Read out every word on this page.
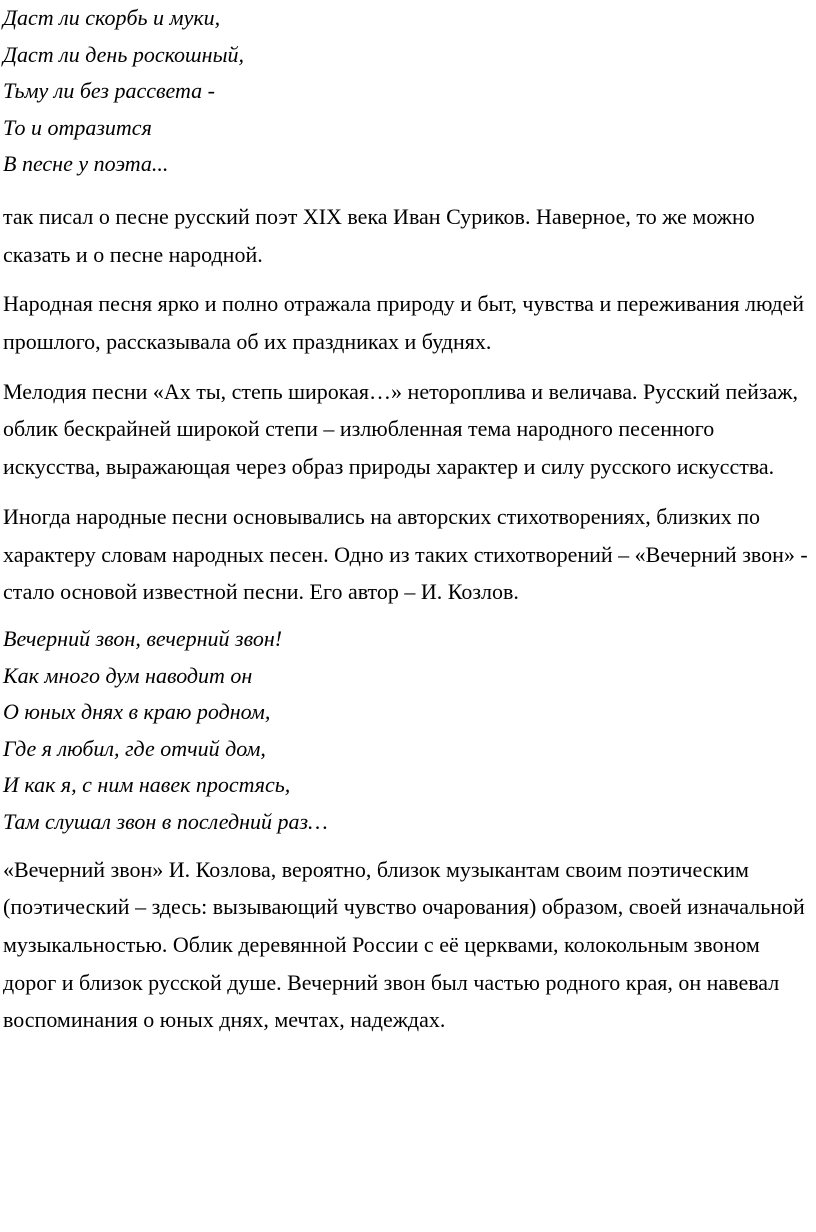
Даст ли скорбь и муки,
Даст ли день роскошный,
Тьму ли без рассвета -
То и отразится
В песне у поэта...

так писал о песне русский поэт XIX века Иван Суриков. Наверное, то же можно сказать и о песне народной.

Народная песня ярко и полно отражала природу и быт, чувства и переживания людей прошлого, рассказывала об их праздниках и буднях.

Мелодия песни «Ах ты, степь широкая…» нетороплива и величава. Русский пейзаж, облик бескрайней широкой степи – излюбленная тема народного песенного искусства, выражающая через образ природы характер и силу русского искусства.

Иногда народные песни основывались на авторских стихотворениях, близких по характеру словам народных песен. Одно из таких стихотворений – «Вечерний звон» - стало основой известной песни. Его автор – И. Козлов.

Вечерний звон, вечерний звон!
Как много дум наводит он
О юных днях в краю родном,
Где я любил, где отчий дом,
И как я, с ним навек простясь,
Там слушал звон в последний раз…

«Вечерний звон» И. Козлова, вероятно, близок музыкантам своим поэтическим (поэтический – здесь: вызывающий чувство очарования) образом, своей изначальной музыкальностью. Облик деревянной России с её церквами, колокольным звоном дорог и близок русской душе. Вечерний звон был частью родного края, он навевал воспоминания о юных днях, мечтах, надеждах.
